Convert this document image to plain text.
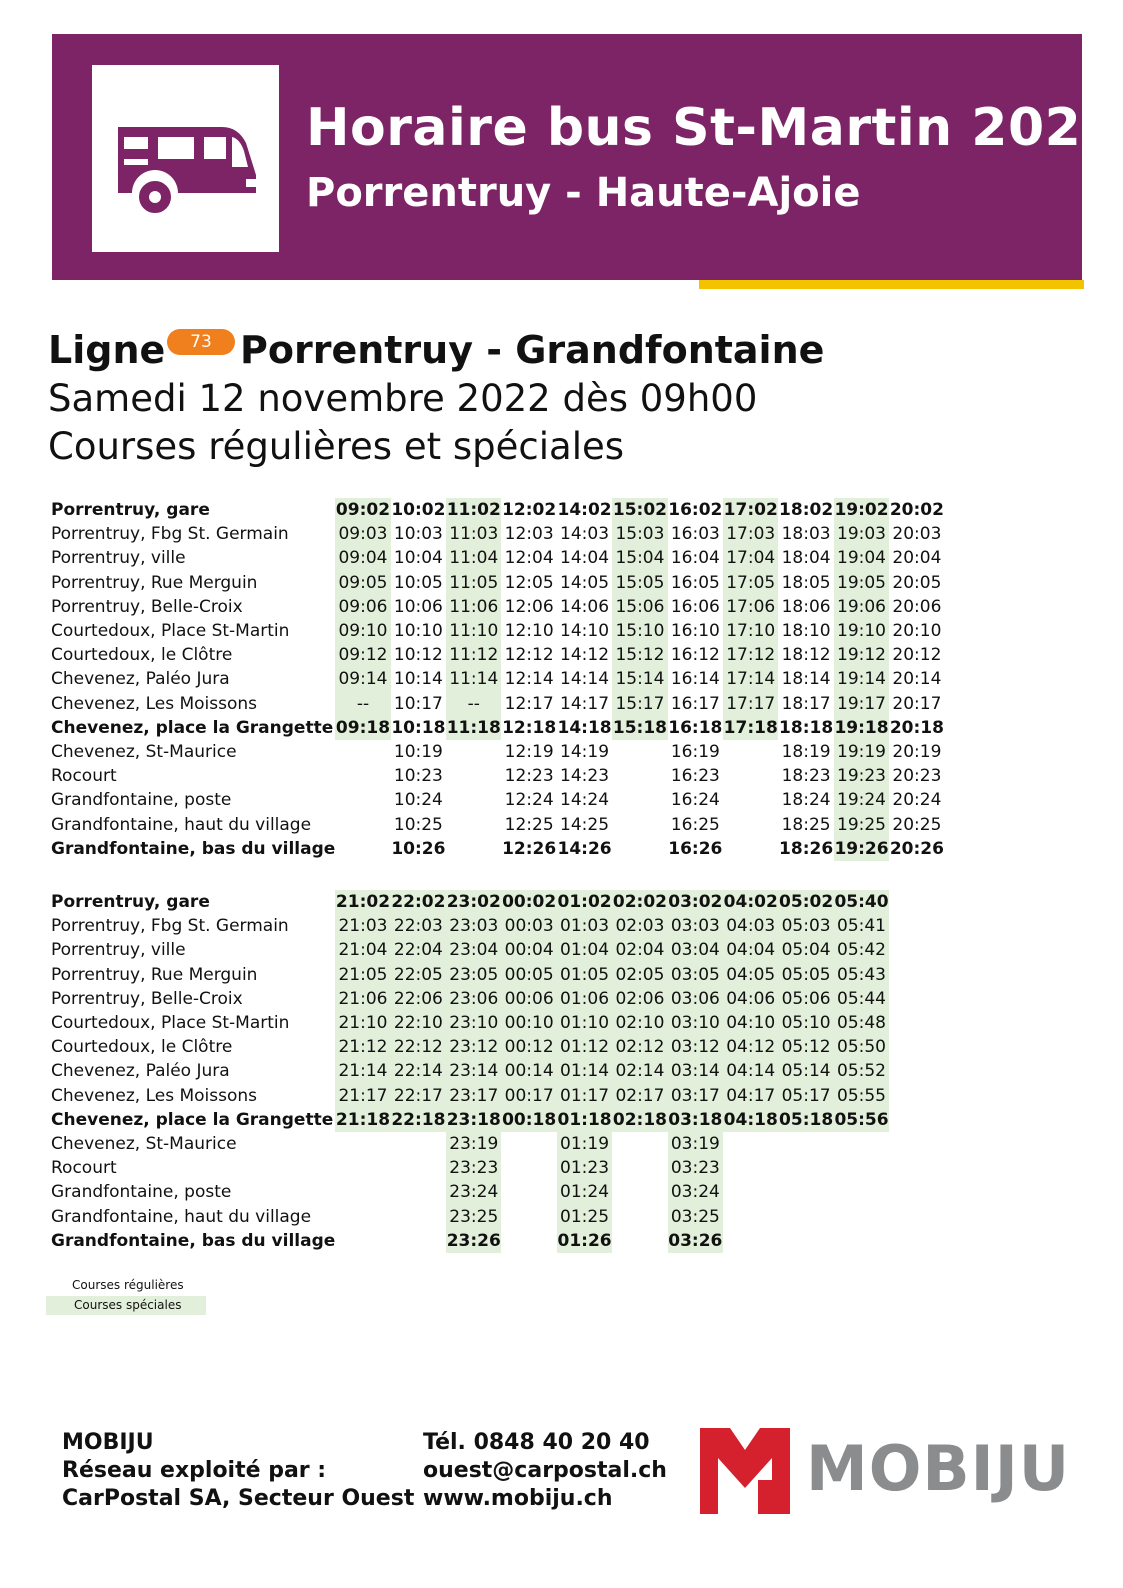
Horaire bus St-Martin 2022
Porrentruy - Haute-Ajoie
Ligne	73 Porrentruy - Grandfontaine
Samedi 12 novembre 2022 dès 09h00
Courses régulières et spéciales
Porrentruy, gare	09:02	10:02	11:02	12:02	14:02	15:02	16:02	17:02	18:02	19:02	20:02
Porrentruy, Fbg St. Germain	09:03	10:03	11:03	12:03	14:03	15:03	16:03	17:03	18:03	19:03	20:03
Porrentruy, ville	09:04	10:04	11:04	12:04	14:04	15:04	16:04	17:04	18:04	19:04	20:04
Porrentruy, Rue Merguin	09:05	10:05	11:05	12:05	14:05	15:05	16:05	17:05	18:05	19:05	20:05
Porrentruy, Belle-Croix	09:06	10:06	11:06	12:06	14:06	15:06	16:06	17:06	18:06	19:06	20:06
Courtedoux, Place St-Martin	09:10	10:10	11:10	12:10	14:10	15:10	16:10	17:10	18:10	19:10	20:10
Courtedoux, le Clôtre	09:12	10:12	11:12	12:12	14:12	15:12	16:12	17:12	18:12	19:12	20:12
Chevenez, Paléo Jura	09:14	10:14	11:14	12:14	14:14	15:14	16:14	17:14	18:14	19:14	20:14
Chevenez, Les Moissons	--	10:17	--	12:17	14:17	15:17	16:17	17:17	18:17	19:17	20:17
Chevenez, place la Grangette	09:18	10:18	11:18	12:18	14:18	15:18	16:18	17:18	18:18	19:18	20:18
Chevenez, St-Maurice		10:19		12:19	14:19		16:19		18:19	19:19	20:19
Rocourt		10:23		12:23	14:23		16:23		18:23	19:23	20:23
Grandfontaine, poste		10:24		12:24	14:24		16:24		18:24	19:24	20:24
Grandfontaine, haut du village		10:25		12:25	14:25		16:25		18:25	19:25	20:25
Grandfontaine, bas du village		10:26		12:26	14:26		16:26		18:26	19:26	20:26
Porrentruy, gare	21:02	22:02	23:02	00:02	01:02	02:02	03:02	04:02	05:02	05:40
Porrentruy, Fbg St. Germain	21:03	22:03	23:03	00:03	01:03	02:03	03:03	04:03	05:03	05:41
Porrentruy, ville	21:04	22:04	23:04	00:04	01:04	02:04	03:04	04:04	05:04	05:42
Porrentruy, Rue Merguin	21:05	22:05	23:05	00:05	01:05	02:05	03:05	04:05	05:05	05:43
Porrentruy, Belle-Croix	21:06	22:06	23:06	00:06	01:06	02:06	03:06	04:06	05:06	05:44
Courtedoux, Place St-Martin	21:10	22:10	23:10	00:10	01:10	02:10	03:10	04:10	05:10	05:48
Courtedoux, le Clôtre	21:12	22:12	23:12	00:12	01:12	02:12	03:12	04:12	05:12	05:50
Chevenez, Paléo Jura	21:14	22:14	23:14	00:14	01:14	02:14	03:14	04:14	05:14	05:52
Chevenez, Les Moissons	21:17	22:17	23:17	00:17	01:17	02:17	03:17	04:17	05:17	05:55
Chevenez, place la Grangette	21:18	22:18	23:18	00:18	01:18	02:18	03:18	04:18	05:18	05:56
Chevenez, St-Maurice			23:19		01:19		03:19			
Rocourt			23:23		01:23		03:23			
Grandfontaine, poste			23:24		01:24		03:24			
Grandfontaine, haut du village			23:25		01:25		03:25			
Grandfontaine, bas du village			23:26		01:26		03:26			
Courses régulières
Courses spéciales
MOBIJU
Réseau exploité par :
CarPostal SA, Secteur Ouest
Tél. 0848 40 20 40
ouest@carpostal.ch
www.mobiju.ch	MOBIJU
